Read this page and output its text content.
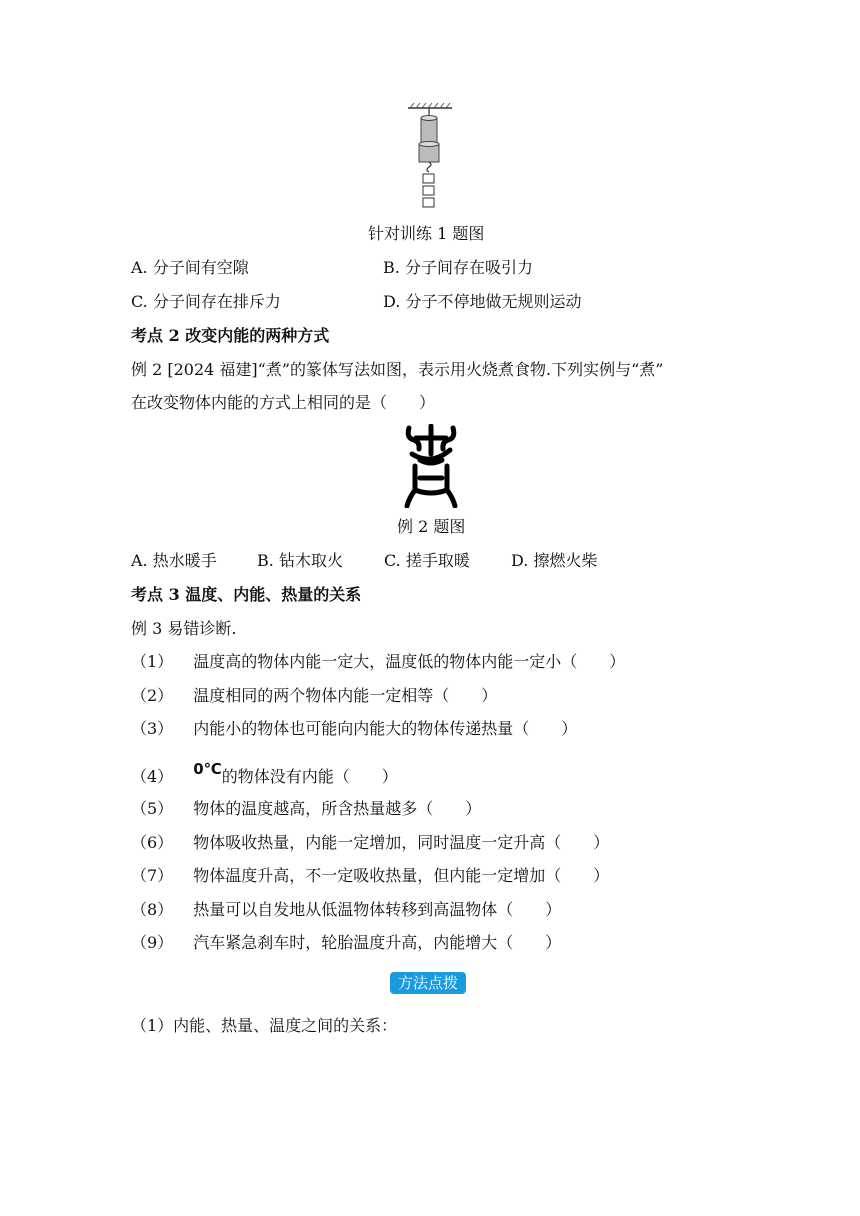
针对训练 1 题图
A. 分子间有空隙	B. 分子间存在吸引力
C. 分子间存在排斥力	D. 分子不停地做无规则运动
考点 2 改变内能的两种方式
例 2 [2024 福建]“煮”的篆体写法如图，表示用火烧煮食物.下列实例与“煮”
在改变物体内能的方式上相同的是（　　）
例 2 题图
A. 热水暖手	B. 钻木取火	C. 搓手取暖	D. 擦燃火柴
考点 3 温度、内能、热量的关系
例 3 易错诊断.
（1） 温度高的物体内能一定大，温度低的物体内能一定小（　　）
（2） 温度相同的两个物体内能一定相等（　　）
（3） 内能小的物体也可能向内能大的物体传递热量（　　）
（4） 0℃的物体没有内能（　　）
（5） 物体的温度越高，所含热量越多（　　）
（6） 物体吸收热量，内能一定增加，同时温度一定升高（　　）
（7） 物体温度升高，不一定吸收热量，但内能一定增加（　　）
（8） 热量可以自发地从低温物体转移到高温物体（　　）
（9） 汽车紧急刹车时，轮胎温度升高，内能增大（　　）
方法点拨
（1）内能、热量、温度之间的关系：
